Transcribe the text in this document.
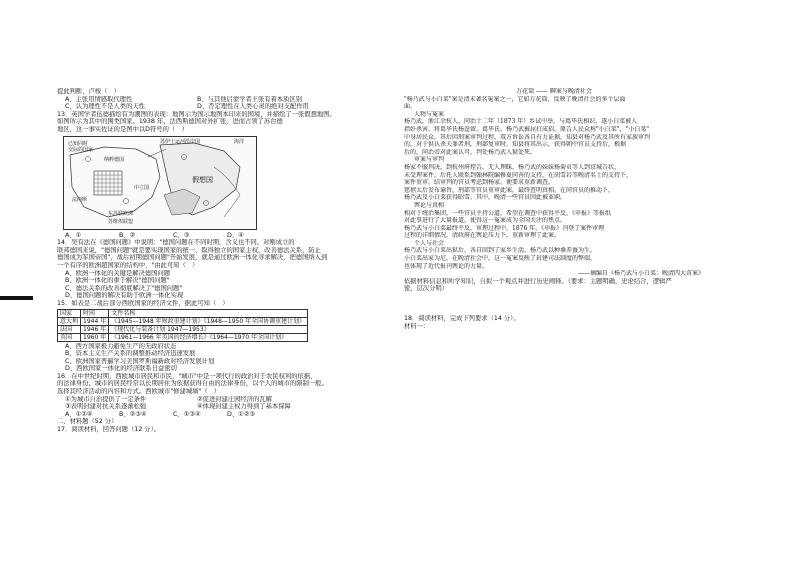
提此判断，卢梭（　）
A、主张用情感取代理性	B、与其他启蒙学者王张有着本质区别
C、认为理性不是人类的天性	D、否定理性在人类心灵的绝对支配作用
13．英国学者伍德描绘有为潮图的表现：地图示为国示地图本印来的国境，并描绘了一张假想地图。
如图所示为其中的围类国家。1938 年，法西斯德国对外扩张，进而占领了苏台德
地区，这一事实佐证的是图中以D符号的（　）
已知同时
交际的国家
纳粹德国
苏伊士运河沿岸国	海洋
假想国
法西斯
中立国
东苏联欧洲
苏维埃联盟
A、①	B、②	C、③	D、④
14．吴有法在《德国问题》中说明："德国问题在不同时期，含义也不同。对刚成立的
联邦德国来说，"德国问题"就是要实现国家的统一、取得独立的国家主权，改善德法关系，防止
德国成为军国帝国"，战后初期德国问题"开始发展，就是通过欧洲一体化寻求解决，把德国纳入到
一个有序的欧洲超国家的结构中，"由此可知（　）
A、欧洲一体化的关键是解决德国问题
B、欧洲一体化的重于解决"德国问题"
C、德法关系的改善彻底解决了"德国问题"
D、德国问题的解决有助于欧洲一体化实现
15．如表是二战后部分西欧国家的经济文件，据此可知（　）
国家	时间	文件名称
意大利	1944 年	《1945—1948 年财政重建计划》《1948—1950 年全国协调重建计划》
法国	1946 年	《现代化与装备计划 1947—1953》
英国	1960 年	《1961—1966 年英国的经济增长》《1964—1970 年全国计划》
A、西方国家极力避免生产的无政府状态
B、资本主义生产关系的调整推动经济迅速发展
C、欧洲国家普遍学习美国罗斯福新政对经济发展计划
D、西欧国家一体化的经济联系日益密切
16．在中世纪时期，西欧城市居民和市民，"城市"中是一项代行的政治对于农民权利的依据，
的法律身份，城市的居民经常以长期居住为依据获得自由的法律身份，以个人的城市的限制一般。
选择其经济活动的内容和方式。西欧城市"修建城墙"（　）
①为城市自治提供了一定条件	②促进封建庄园经济的瓦解
③表明封建对抗关系逐渐松弛	④体现封建主权力得到了基本保障
A、①②④	B、②③④	C、①③④	D、①②③
二、材料题（52 分）
17．阅读材料，回答问题（12 分）。
万花筒 —— 聊案与晚清社会
"杨乃武与小白菜"案是清末著名冤案之一，它如万花筒，反映了晚清社会的多个层面
面。
人物与冤案
杨乃武，浙江余杭人，同治十二年（1873 年）乡试中举，与葛毕氏相识，遂小白菜被人
指奸杀害。将葛毕氏杨逗留，葛毕氏、杨乃武被屈打成招。原告人民众称"小白菜"，"小白菜"
中身居民众。其后因刑案审判过程，双方诉讼各自有力证据，知县对杨乃武及其所有家族审判
的，对于供认杀夫罪者刑，刑部复审时，知县将其出示，获得朝中官员支持后，根据
后的，同治帝对此案认可，判处杨乃武入狱处死。
审案与审判
杨家不服判决，到杭州府控告，无人理睬，杨乃武的妹妹杨菊贞等人到京城告状，
未受理案件。后托人联系到翰林院编修夏同善的支持，在胡雪岩等晚清名士的支持下，
案件重审。结审判的官员考虑到杨家，便要求重新调查。
慈禧太后发布谕旨，刑部等官员重审此案，最终查明真相。在同官员的推动下，
杨乃武及小白菜获得昭雪。其中，晚清一些官员因此被革职。
舆论与真相
相对于统治集团，一些官员主持公道，希望在调查中获得平反，《申报》等报纸
对此事进行了大量报道，使得这一冤案成为全国关注的焦点。
杨乃武与小白菜最终平反，审理过程中，1876 年，《申报》刊登了案件审理
过程的详细情况，清政府在舆论压力下，重新审理了此案。
个人与社会
杨乃武与小白菜出狱后，各自回到了家乡生活，杨乃武以种桑养蚕为生，
小白菜出家为尼，在晚清社会中，这一冤案反映了封建司法制度的弊端，
也体现了近代报刊舆论的力量。
——摘编自《杨乃武与小白菜：晚清四大奇案》
依据材料信息和所学知识，自拟一个观点并进行历史阐释。（要求：主题明确，史论结合，逻辑严
密，层次分明）
18．阅读材料，完成下列要求（14 分）。
材料一：
